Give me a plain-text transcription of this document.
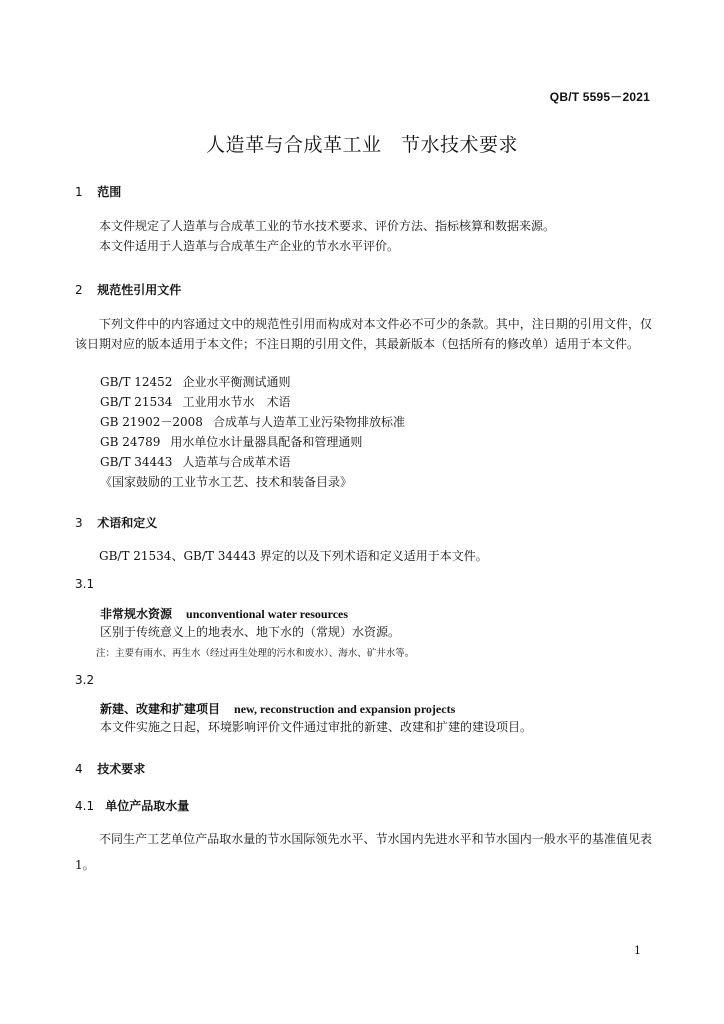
QB/T 5595－2021
人造革与合成革工业　节水技术要求
1 范围
本文件规定了人造革与合成革工业的节水技术要求、评价方法、指标核算和数据来源。
本文件适用于人造革与合成革生产企业的节水水平评价。
2 规范性引用文件
下列文件中的内容通过文中的规范性引用而构成对本文件必不可少的条款。其中，注日期的引用文件，仅该日期对应的版本适用于本文件；不注日期的引用文件，其最新版本（包括所有的修改单）适用于本文件。
GB/T 12452 企业水平衡测试通则
GB/T 21534 工业用水节水　术语
GB 21902－2008 合成革与人造革工业污染物排放标准
GB 24789 用水单位水计量器具配备和管理通则
GB/T 34443 人造革与合成革术语
《国家鼓励的工业节水工艺、技术和装备目录》
3 术语和定义
GB/T 21534、GB/T 34443 界定的以及下列术语和定义适用于本文件。
3.1
非常规水资源 unconventional water resources
区别于传统意义上的地表水、地下水的（常规）水资源。
注：主要有雨水、再生水（经过再生处理的污水和废水）、海水、矿井水等。
3.2
新建、改建和扩建项目 new, reconstruction and expansion projects
本文件实施之日起，环境影响评价文件通过审批的新建、改建和扩建的建设项目。
4 技术要求
4.1 单位产品取水量
不同生产工艺单位产品取水量的节水国际领先水平、节水国内先进水平和节水国内一般水平的基准值见表 1。
1
